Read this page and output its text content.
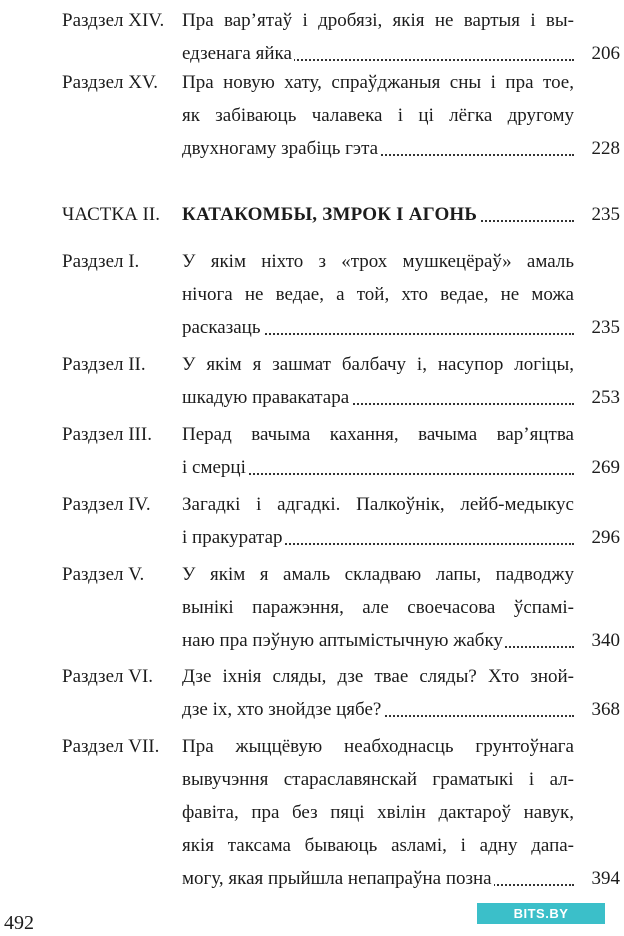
Раздзел XIV. Пра вар’ятаў і дробязі, якія не вартыя і вы-
едзенага яйка	206
Раздзел XV. Пра новую хату, спраўджаныя сны і пра тое,
як забіваюць чалавека і ці лёгка другому
двухногаму зрабіць гэта	228
ЧАСТКА II. КАТАКОМБЫ, ЗМРОК І АГОНЬ	235
Раздзел I. У якім ніхто з «трох мушкецёраў» амаль
нічога не ведае, а той, хто ведае, не можа
расказаць	235
Раздзел II. У якім я зашмат балбачу і, насупор логіцы,
шкадую правакатара	253
Раздзел III. Перад вачыма кахання, вачыма вар’яцтва
і смерці	269
Раздзел IV. Загадкі і адгадкі. Палкоўнік, лейб-медыкус
і пракуратар	296
Раздзел V. У якім я амаль складваю лапы, падводжу
вынікі паражэння, але своечасова ўспамі-
наю пра пэўную аптымістычную жабку	340
Раздзел VI. Дзе іхнія сляды, дзе твае сляды? Хто зной-
дзе іх, хто знойдзе цябе?	368
Раздзел VII. Пра жыццёвую неабходнасць грунтоўнага
вывучэння старaславянскай граматыкі і ал-
фавіта, пра без пяці хвілін дактароў навук,
якія таксама бываюць asламі, і адну дапа-
могу, якая прыйшла непапраўна позна	394
492	BIТS.BY
